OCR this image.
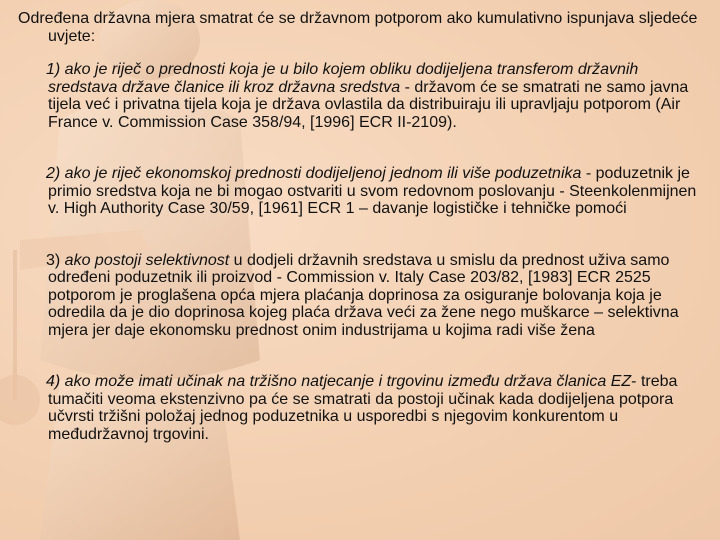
Određena državna mjera smatrat će se državnom potporom ako kumulativno ispunjava sljedeće uvjete:

1) ako je riječ o prednosti koja je u bilo kojem obliku dodijeljena transferom državnih sredstava države članice ili kroz državna sredstva - državom će se smatrati ne samo javna tijela već i privatna tijela koja je država ovlastila da distribuiraju ili upravljaju potporom (Air France v. Commission Case 358/94, [1996] ECR II-2109).

2) ako je riječ ekonomskoj prednosti dodijeljenoj jednom ili više poduzetnika - poduzetnik je primio sredstva koja ne bi mogao ostvariti u svom redovnom poslovanju - Steenkolenmijnen v. High Authority Case 30/59, [1961] ECR 1 – davanje logističke i tehničke pomoći

3) ako postoji selektivnost u dodjeli državnih sredstava u smislu da prednost uživa samo određeni poduzetnik ili proizvod - Commission v. Italy Case 203/82, [1983] ECR 2525 potporom je proglašena opća mjera plaćanja doprinosa za osiguranje bolovanja koja je odredila da je dio doprinosa kojeg plaća država veći za žene nego muškarce – selektivna mjera jer daje ekonomsku prednost onim industrijama u kojima radi više žena

4) ako može imati učinak na tržišno natjecanje i trgovinu između država članica EZ- treba tumačiti veoma ekstenzivno pa će se smatrati da postoji učinak kada dodijeljena potpora učvrsti tržišni položaj jednog poduzetnika u usporedbi s njegovim konkurentom u međudržavnoj trgovini.
